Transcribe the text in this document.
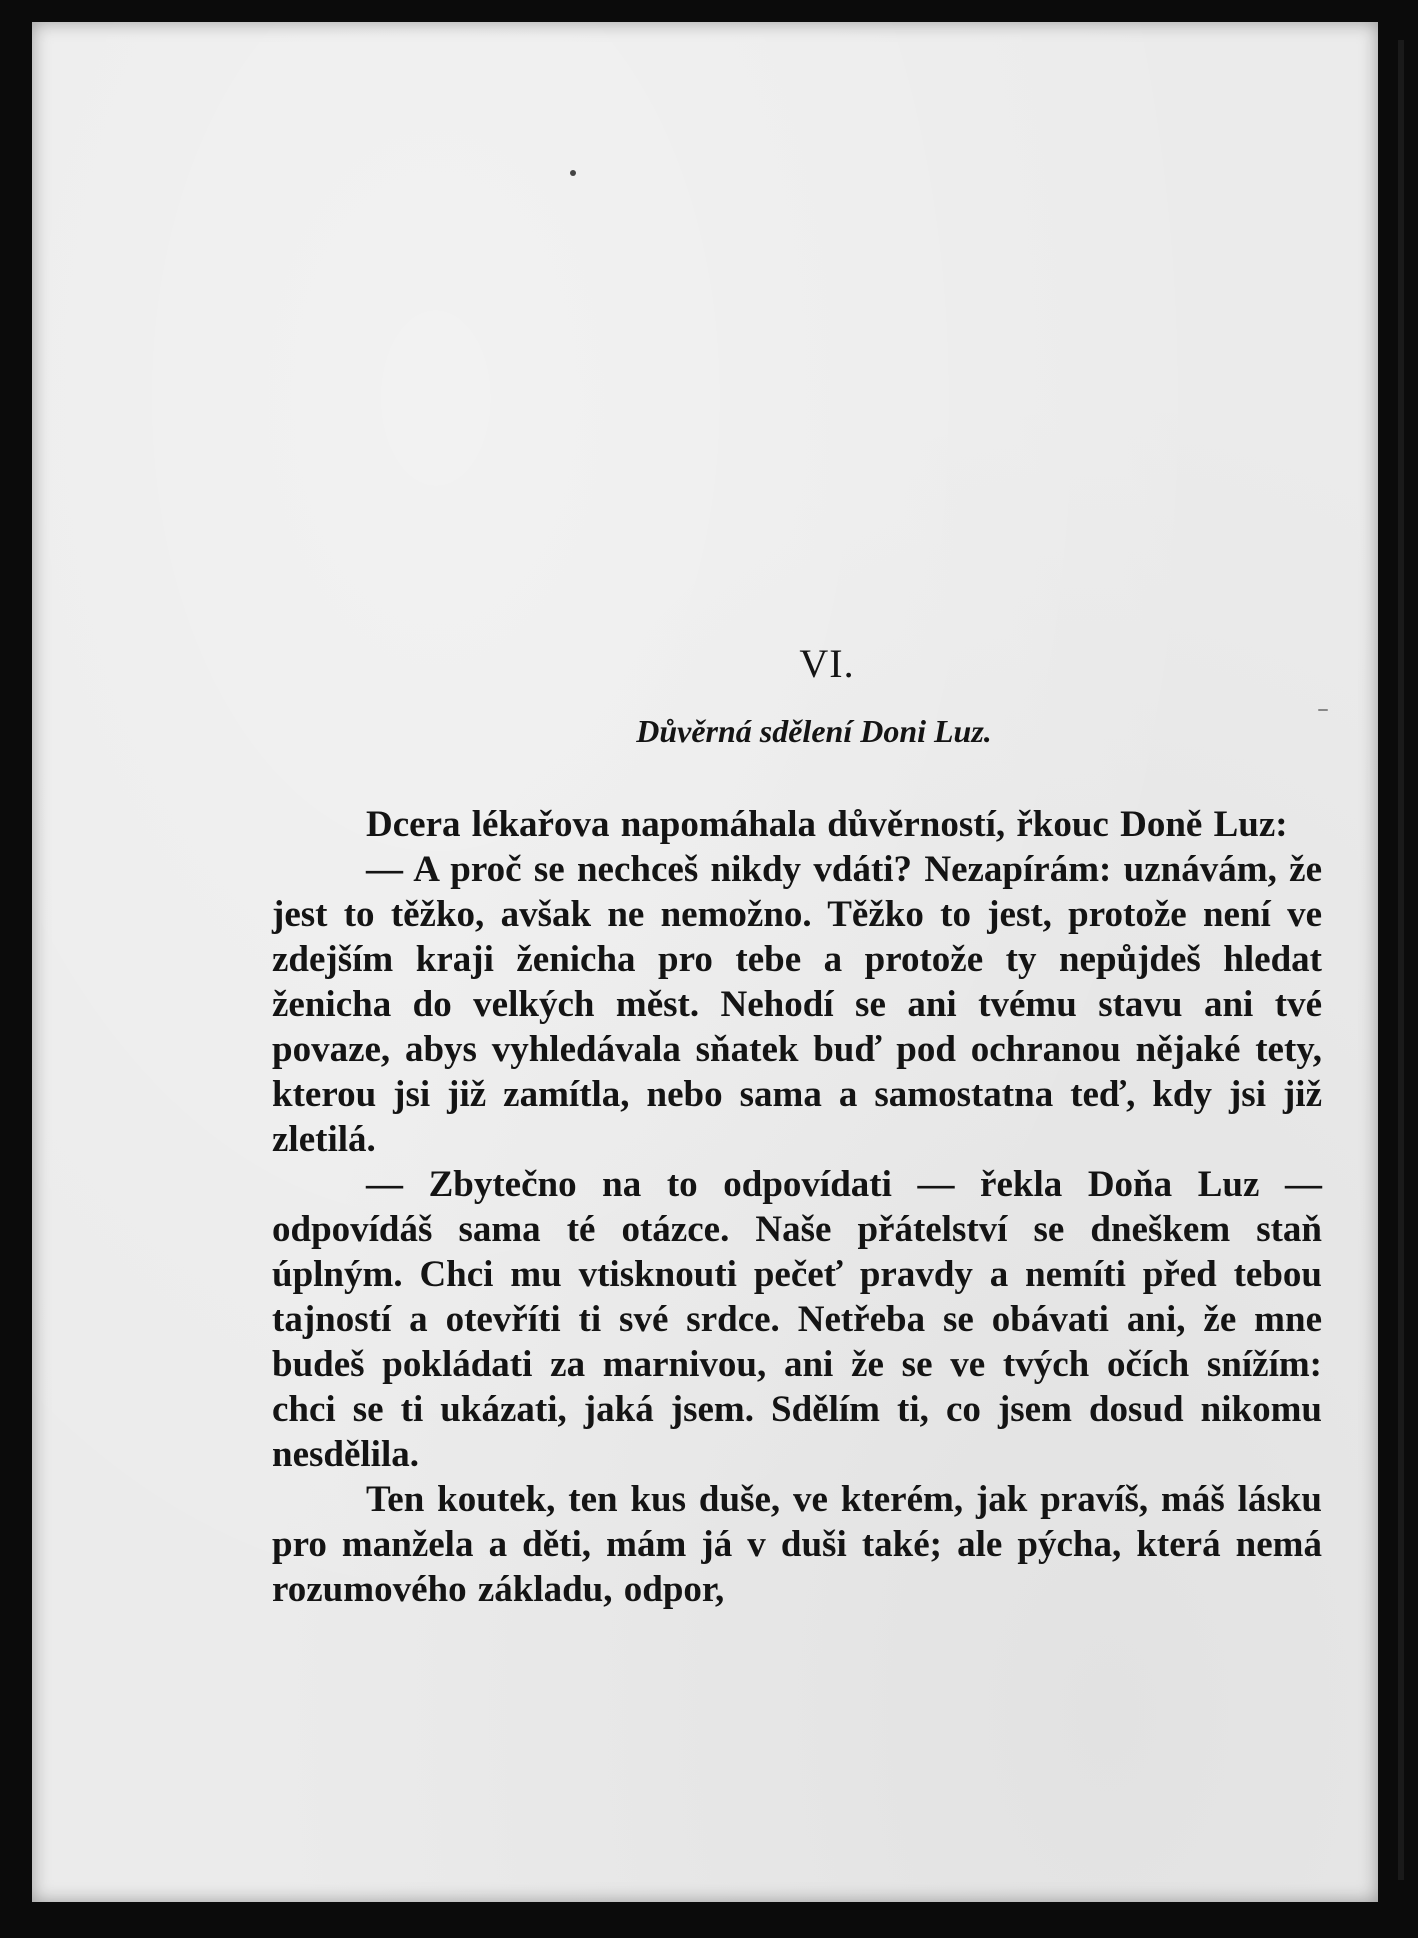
VI.
Důvěrná sdělení Doni Luz.

Dcera lékařova napomáhala důvěrností, řkouc Doně Luz:

— A proč se nechceš nikdy vdáti? Nezapírám: uznávám, že jest to těžko, avšak ne nemožno. Těžko to jest, protože není ve zdejším kraji ženicha pro tebe a protože ty nepůjdeš hledat ženicha do velkých měst. Nehodí se ani tvému stavu ani tvé povaze, abys vyhledávala sňatek buď pod ochranou nějaké tety, kterou jsi již zamítla, nebo sama a samostatna teď, kdy jsi již zletilá.

— Zbytečno na to odpovídati — řekla Doňa Luz — odpovídáš sama té otázce. Naše přátelství se dneškem staň úplným. Chci mu vtisknouti pečeť pravdy a nemíti před tebou tajností a otevříti ti své srdce. Netřeba se obávati ani, že mne budeš pokládati za marnivou, ani že se ve tvých očích snížím: chci se ti ukázati, jaká jsem. Sdělím ti, co jsem dosud nikomu nesdělila.

Ten koutek, ten kus duše, ve kterém, jak pravíš, máš lásku pro manžela a děti, mám já v duši také; ale pýcha, která nemá rozumového základu, odpor,
